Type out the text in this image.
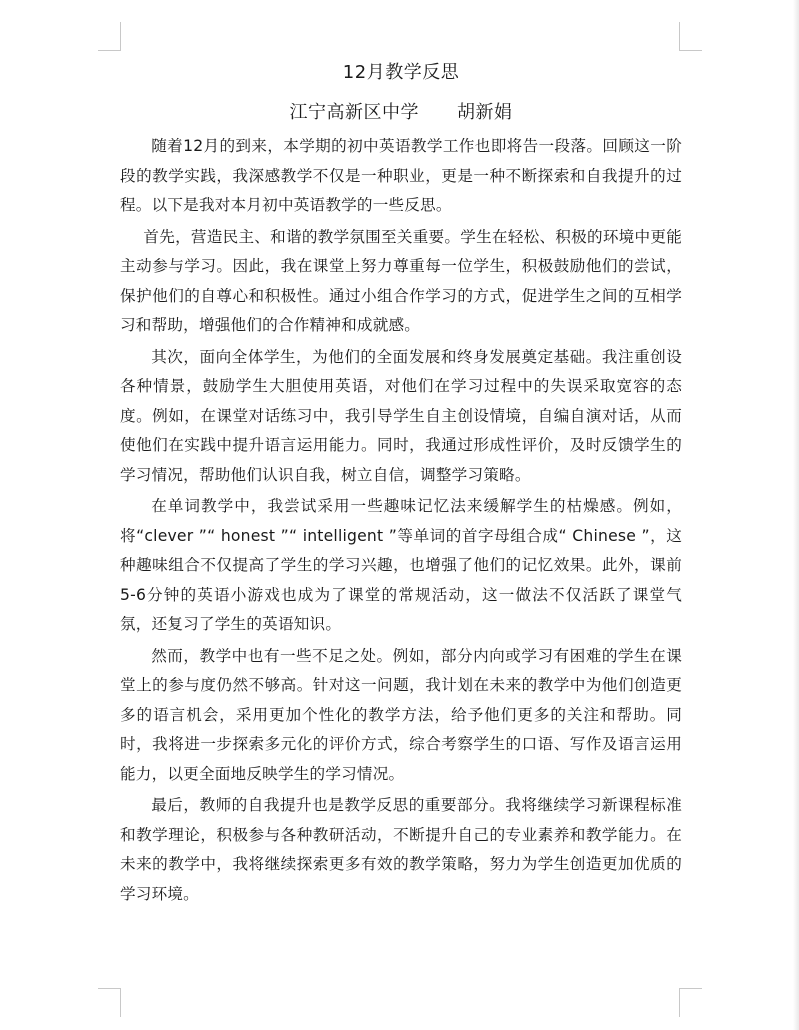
12月教学反思
江宁高新区中学 胡新娟

随着12月的到来，本学期的初中英语教学工作也即将告一段落。回顾这一阶段的教学实践，我深感教学不仅是一种职业，更是一种不断探索和自我提升的过程。以下是我对本月初中英语教学的一些反思。

首先，营造民主、和谐的教学氛围至关重要。学生在轻松、积极的环境中更能主动参与学习。因此，我在课堂上努力尊重每一位学生，积极鼓励他们的尝试，保护他们的自尊心和积极性。通过小组合作学习的方式，促进学生之间的互相学习和帮助，增强他们的合作精神和成就感。

其次，面向全体学生，为他们的全面发展和终身发展奠定基础。我注重创设各种情景，鼓励学生大胆使用英语，对他们在学习过程中的失误采取宽容的态度。例如，在课堂对话练习中，我引导学生自主创设情境，自编自演对话，从而使他们在实践中提升语言运用能力。同时，我通过形成性评价，及时反馈学生的学习情况，帮助他们认识自我，树立自信，调整学习策略。

在单词教学中，我尝试采用一些趣味记忆法来缓解学生的枯燥感。例如，将“clever ”“ honest ”“ intelligent ”等单词的首字母组合成“ Chinese ”，这种趣味组合不仅提高了学生的学习兴趣，也增强了他们的记忆效果。此外，课前5-6分钟的英语小游戏也成为了课堂的常规活动，这一做法不仅活跃了课堂气氛，还复习了学生的英语知识。

然而，教学中也有一些不足之处。例如，部分内向或学习有困难的学生在课堂上的参与度仍然不够高。针对这一问题，我计划在未来的教学中为他们创造更多的语言机会，采用更加个性化的教学方法，给予他们更多的关注和帮助。同时，我将进一步探索多元化的评价方式，综合考察学生的口语、写作及语言运用能力，以更全面地反映学生的学习情况。

最后，教师的自我提升也是教学反思的重要部分。我将继续学习新课程标准和教学理论，积极参与各种教研活动，不断提升自己的专业素养和教学能力。在未来的教学中，我将继续探索更多有效的教学策略，努力为学生创造更加优质的学习环境。
